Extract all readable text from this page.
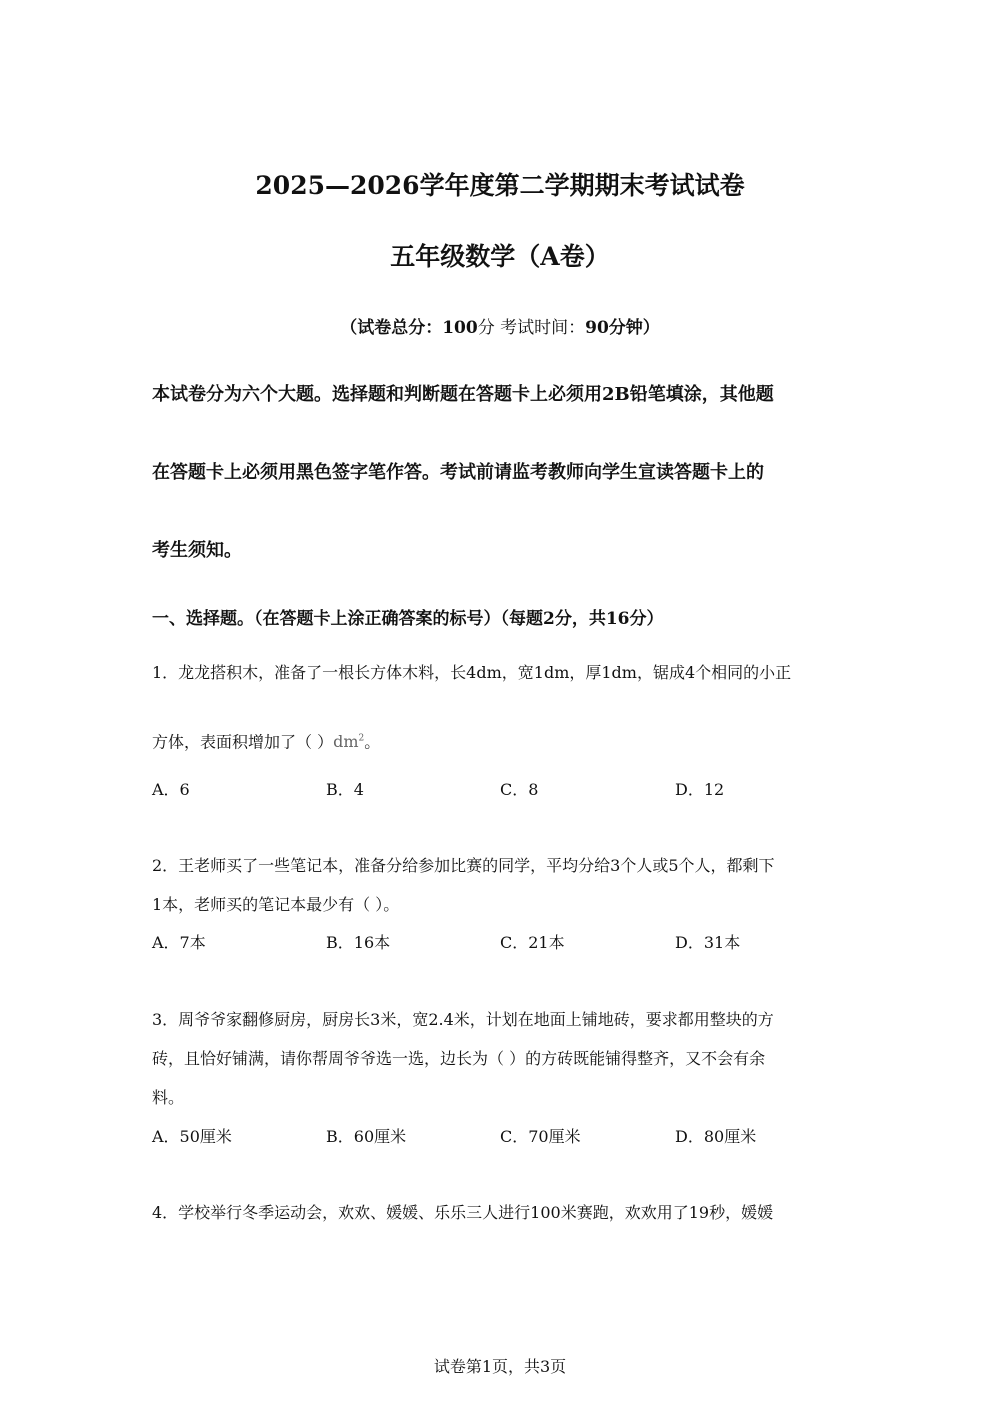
2025—2026学年度第二学期期末考试试卷
五年级数学（A卷）
（试卷总分：100分 考试时间：90分钟）
本试卷分为六个大题。选择题和判断题在答题卡上必须用2B铅笔填涂，其他题
在答题卡上必须用黑色签字笔作答。考试前请监考教师向学生宣读答题卡上的
考生须知。
一、选择题。（在答题卡上涂正确答案的标号）（每题2分，共16分）
1．龙龙搭积木，准备了一根长方体木料，长4dm，宽1dm，厚1dm，锯成4个相同的小正
方体，表面积增加了（ ）$dm^2$。
A．6	B．4	C．8	D．12
2．王老师买了一些笔记本，准备分给参加比赛的同学，平均分给3个人或5个人，都剩下
1本，老师买的笔记本最少有（ ）。
A．7本	B．16本	C．21本	D．31本
3．周爷爷家翻修厨房，厨房长3米，宽2.4米，计划在地面上铺地砖，要求都用整块的方
砖，且恰好铺满，请你帮周爷爷选一选，边长为（ ）的方砖既能铺得整齐，又不会有余
料。
A．50厘米	B．60厘米	C．70厘米	D．80厘米
4．学校举行冬季运动会，欢欢、媛媛、乐乐三人进行100米赛跑，欢欢用了19秒，媛媛
试卷第1页，共3页
